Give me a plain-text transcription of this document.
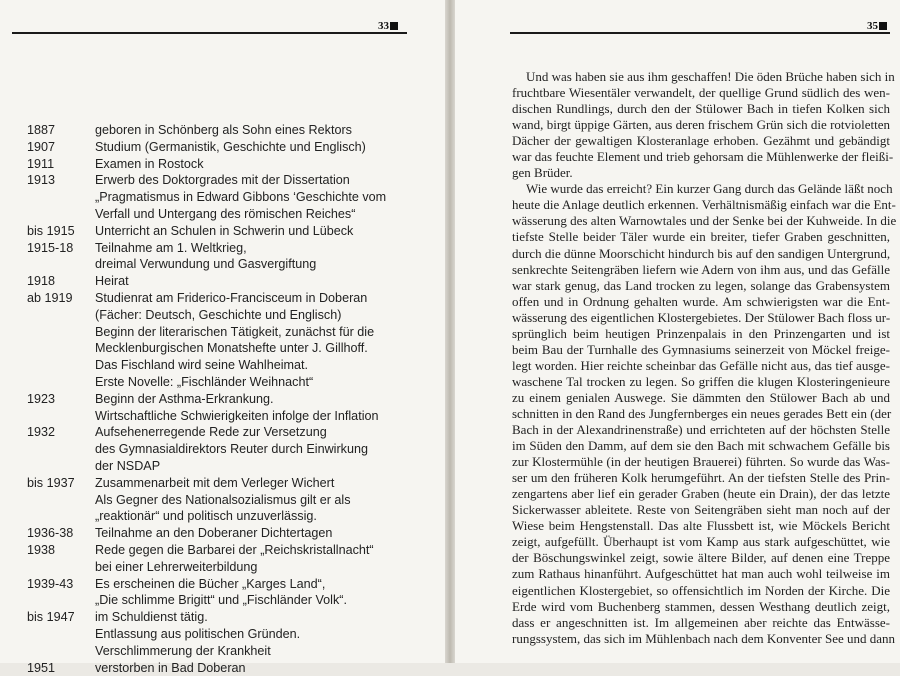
33
1887	geboren in Schönberg als Sohn eines Rektors
1907	Studium (Germanistik, Geschichte und Englisch)
1911	Examen in Rostock
1913	Erwerb des Doktorgrades mit der Dissertation
„Pragmatismus in Edward Gibbons ‘Geschichte vom
Verfall und Untergang des römischen Reiches“
bis 1915	Unterricht an Schulen in Schwerin und Lübeck
1915-18	Teilnahme am 1. Weltkrieg,
dreimal Verwundung und Gasvergiftung
1918	Heirat
ab 1919	Studienrat am Friderico-Francisceum in Doberan
(Fächer: Deutsch, Geschichte und Englisch)
Beginn der literarischen Tätigkeit, zunächst für die
Mecklenburgischen Monatshefte unter J. Gillhoff.
Das Fischland wird seine Wahlheimat.
Erste Novelle: „Fischländer Weihnacht“
1923	Beginn der Asthma-Erkrankung.
Wirtschaftliche Schwierigkeiten infolge der Inflation
1932	Aufsehenerregende Rede zur Versetzung
des Gymnasialdirektors Reuter durch Einwirkung
der NSDAP
bis 1937	Zusammenarbeit mit dem Verleger Wichert
Als Gegner des Nationalsozialismus gilt er als
„reaktionär“ und politisch unzuverlässig.
1936-38	Teilnahme an den Doberaner Dichtertagen
1938	Rede gegen die Barbarei der „Reichskristallnacht“
bei einer Lehrerweiterbildung
1939-43	Es erscheinen die Bücher „Karges Land“,
„Die schlimme Brigitt“ und „Fischländer Volk“.
bis 1947	im Schuldienst tätig.
Entlassung aus politischen Gründen.
Verschlimmerung der Krankheit
1951	verstorben in Bad Doberan
35
Und was haben sie aus ihm geschaffen! Die öden Brüche haben sich in
fruchtbare Wiesentäler verwandelt, der quellige Grund südlich des wen-
dischen Rundlings, durch den der Stülower Bach in tiefen Kolken sich
wand, birgt üppige Gärten, aus deren frischem Grün sich die rotvioletten
Dächer der gewaltigen Klosteranlage erhoben. Gezähmt und gebändigt
war das feuchte Element und trieb gehorsam die Mühlenwerke der fleißi-
gen Brüder.
Wie wurde das erreicht? Ein kurzer Gang durch das Gelände läßt noch
heute die Anlage deutlich erkennen. Verhältnismäßig einfach war die Ent-
wässerung des alten Warnowtales und der Senke bei der Kuhweide. In die
tiefste Stelle beider Täler wurde ein breiter, tiefer Graben geschnitten,
durch die dünne Moorschicht hindurch bis auf den sandigen Untergrund,
senkrechte Seitengräben liefern wie Adern von ihm aus, und das Gefälle
war stark genug, das Land trocken zu legen, solange das Grabensystem
offen und in Ordnung gehalten wurde. Am schwierigsten war die Ent-
wässerung des eigentlichen Klostergebietes. Der Stülower Bach floss ur-
sprünglich beim heutigen Prinzenpalais in den Prinzengarten und ist
beim Bau der Turnhalle des Gymnasiums seinerzeit von Möckel freige-
legt worden. Hier reichte scheinbar das Gefälle nicht aus, das tief ausge-
waschene Tal trocken zu legen. So griffen die klugen Klosteringenieure
zu einem genialen Auswege. Sie dämmten den Stülower Bach ab und
schnitten in den Rand des Jungfernberges ein neues gerades Bett ein (der
Bach in der Alexandrinenstraße) und errichteten auf der höchsten Stelle
im Süden den Damm, auf dem sie den Bach mit schwachem Gefälle bis
zur Klostermühle (in der heutigen Brauerei) führten. So wurde das Was-
ser um den früheren Kolk herumgeführt. An der tiefsten Stelle des Prin-
zengartens aber lief ein gerader Graben (heute ein Drain), der das letzte
Sickerwasser ableitete. Reste von Seitengräben sieht man noch auf der
Wiese beim Hengstenstall. Das alte Flussbett ist, wie Möckels Bericht
zeigt, aufgefüllt. Überhaupt ist vom Kamp aus stark aufgeschüttet, wie
der Böschungswinkel zeigt, sowie ältere Bilder, auf denen eine Treppe
zum Rathaus hinanführt. Aufgeschüttet hat man auch wohl teilweise im
eigentlichen Klostergebiet, so offensichtlich im Norden der Kirche. Die
Erde wird vom Buchenberg stammen, dessen Westhang deutlich zeigt,
dass er angeschnitten ist. Im allgemeinen aber reichte das Entwässe-
rungssystem, das sich im Mühlenbach nach dem Konventer See und dann
